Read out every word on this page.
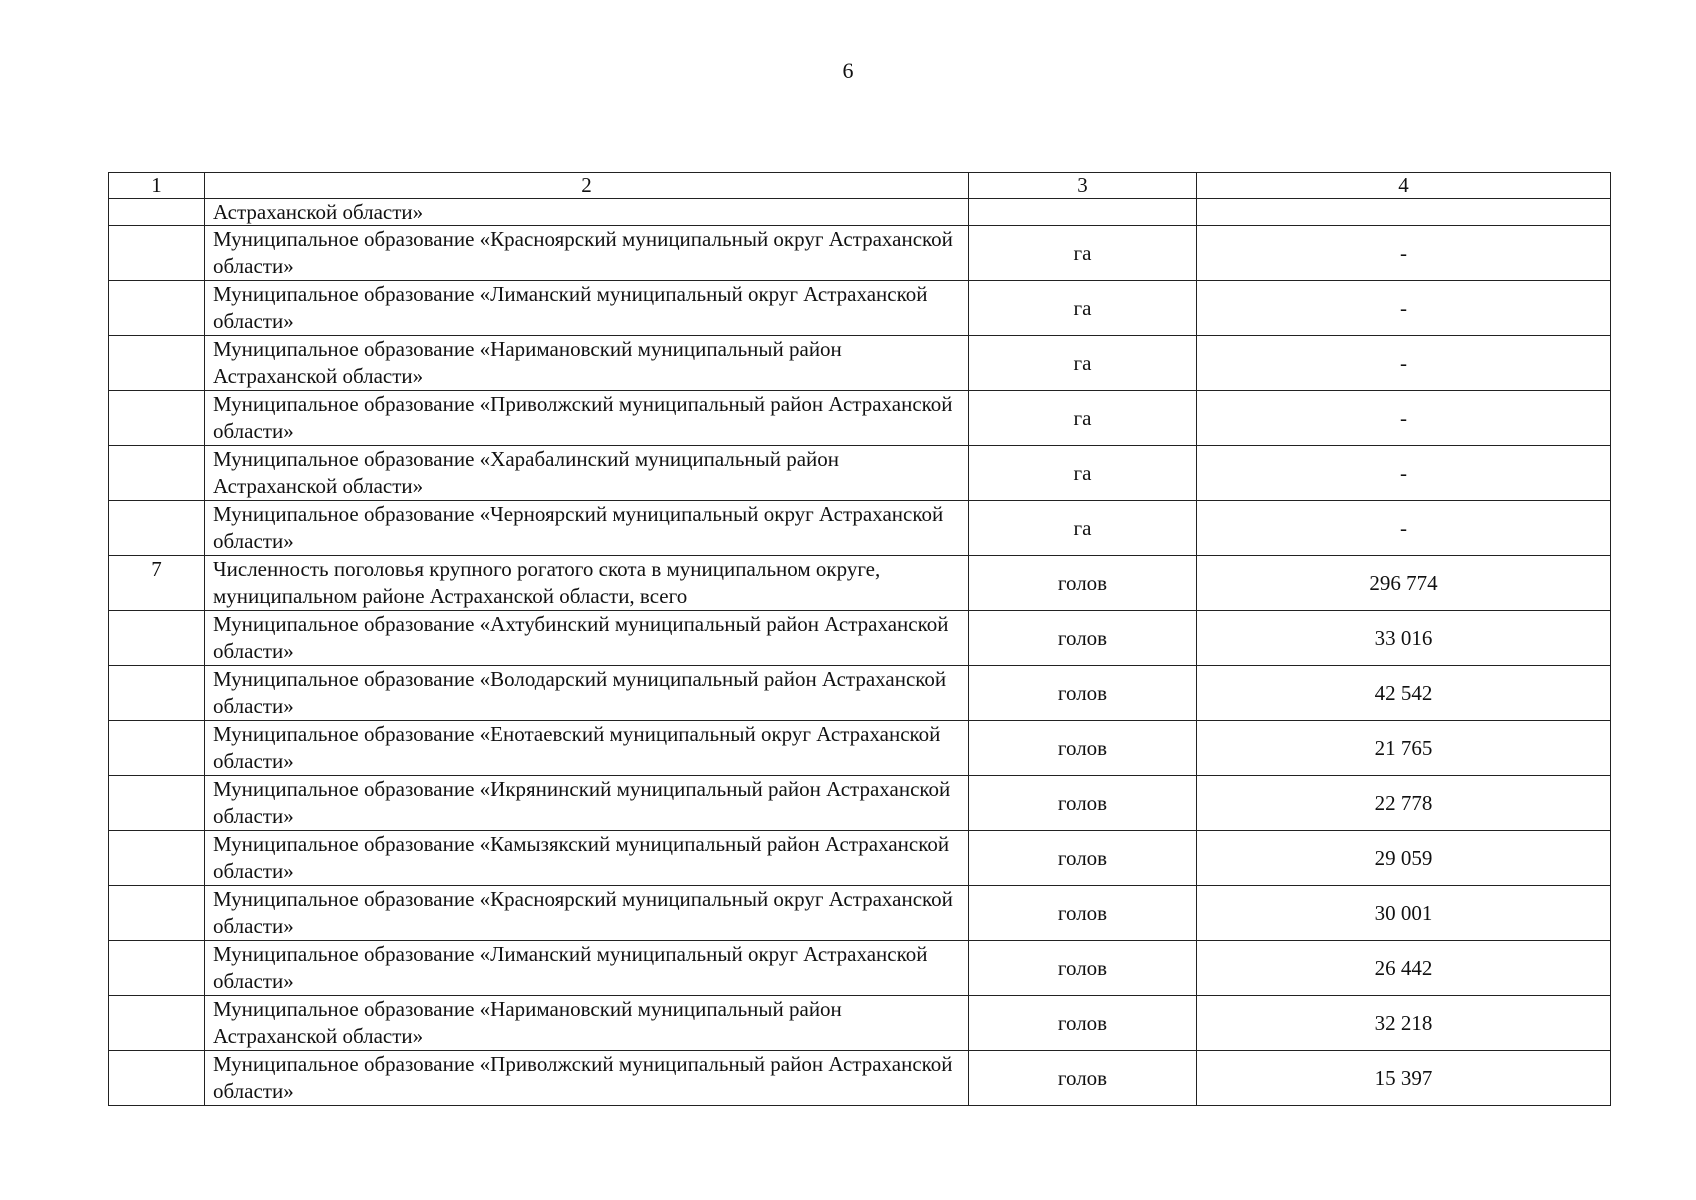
6
1	2	3	4
	Астраханской области»		
	Муниципальное образование «Красноярский муниципальный округ Астраханской области»	га	-
	Муниципальное образование «Лиманский муниципальный округ Астраханской области»	га	-
	Муниципальное образование «Наримановский муниципальный район Астраханской области»	га	-
	Муниципальное образование «Приволжский муниципальный район Астраханской области»	га	-
	Муниципальное образование «Харабалинский муниципальный район Астраханской области»	га	-
	Муниципальное образование «Черноярский муниципальный округ Астраханской области»	га	-
7	Численность поголовья крупного рогатого скота в муниципальном округе, муниципальном районе Астраханской области, всего	голов	296 774
	Муниципальное образование «Ахтубинский муниципальный район Астраханской области»	голов	33 016
	Муниципальное образование «Володарский муниципальный район Астраханской области»	голов	42 542
	Муниципальное образование «Енотаевский муниципальный округ Астраханской области»	голов	21 765
	Муниципальное образование «Икрянинский муниципальный район Астраханской области»	голов	22 778
	Муниципальное образование «Камызякский муниципальный район Астраханской области»	голов	29 059
	Муниципальное образование «Красноярский муниципальный округ Астраханской области»	голов	30 001
	Муниципальное образование «Лиманский муниципальный округ Астраханской области»	голов	26 442
	Муниципальное образование «Наримановский муниципальный район Астраханской области»	голов	32 218
	Муниципальное образование «Приволжский муниципальный район Астраханской области»	голов	15 397
